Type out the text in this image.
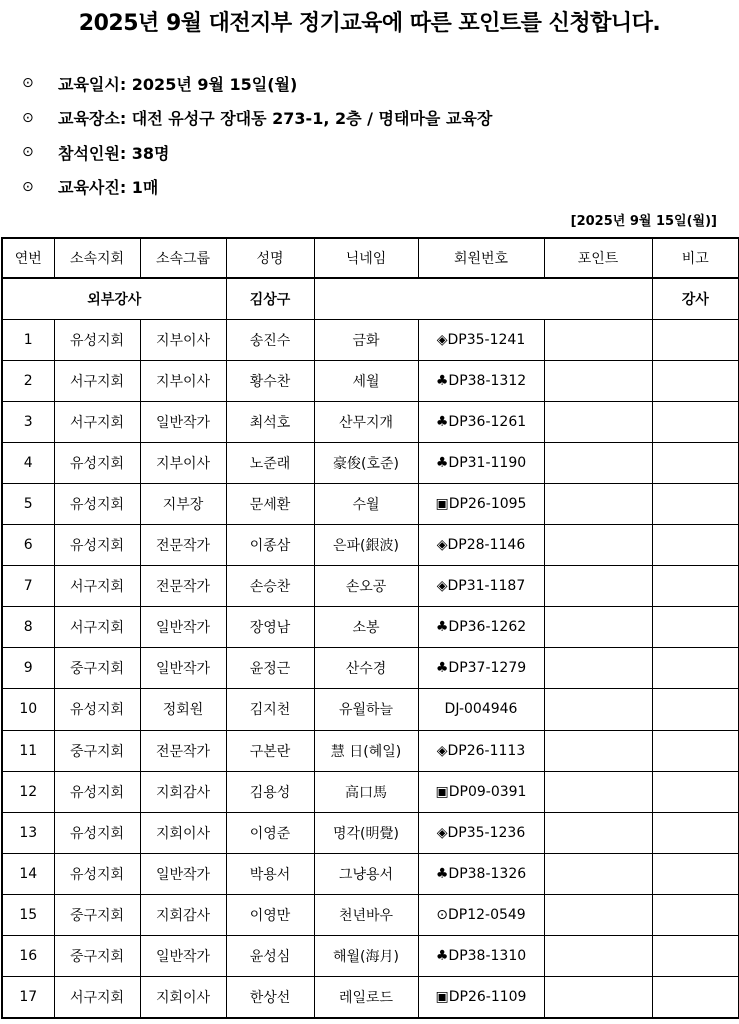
2025년 9월 대전지부 정기교육에 따른 포인트를 신청합니다.
⊙	교육일시: 2025년 9월 15일(월)
⊙	교육장소: 대전 유성구 장대동 273-1, 2층 / 명태마을 교육장
⊙	참석인원: 38명
⊙	교육사진: 1매
[2025년 9월 15일(월)]
연번	소속지회	소속그룹	성명	닉네임	회원번호	포인트	비고
외부강사			김상구				강사
1	유성지회	지부이사	송진수	금화	◈DP35-1241		
2	서구지회	지부이사	황수찬	세월	♣DP38-1312		
3	서구지회	일반작가	최석호	산무지개	♣DP36-1261		
4	유성지회	지부이사	노준래	豪俊(호준)	♣DP31-1190		
5	유성지회	지부장	문세환	수월	▣DP26-1095		
6	유성지회	전문작가	이종삼	은파(銀波)	◈DP28-1146		
7	서구지회	전문작가	손승찬	손오공	◈DP31-1187		
8	서구지회	일반작가	장영남	소봉	♣DP36-1262		
9	중구지회	일반작가	윤정근	산수경	♣DP37-1279		
10	유성지회	정회원	김지천	유월하늘	DJ-004946		
11	중구지회	전문작가	구본란	慧 日(혜일)	◈DP26-1113		
12	유성지회	지회감사	김용성	高口馬	▣DP09-0391		
13	유성지회	지회이사	이영준	명각(明覺)	◈DP35-1236		
14	유성지회	일반작가	박용서	그냥용서	♣DP38-1326		
15	중구지회	지회감사	이영만	천년바우	⊙DP12-0549		
16	중구지회	일반작가	윤성심	해월(海月)	♣DP38-1310		
17	서구지회	지회이사	한상선	레일로드	▣DP26-1109		
